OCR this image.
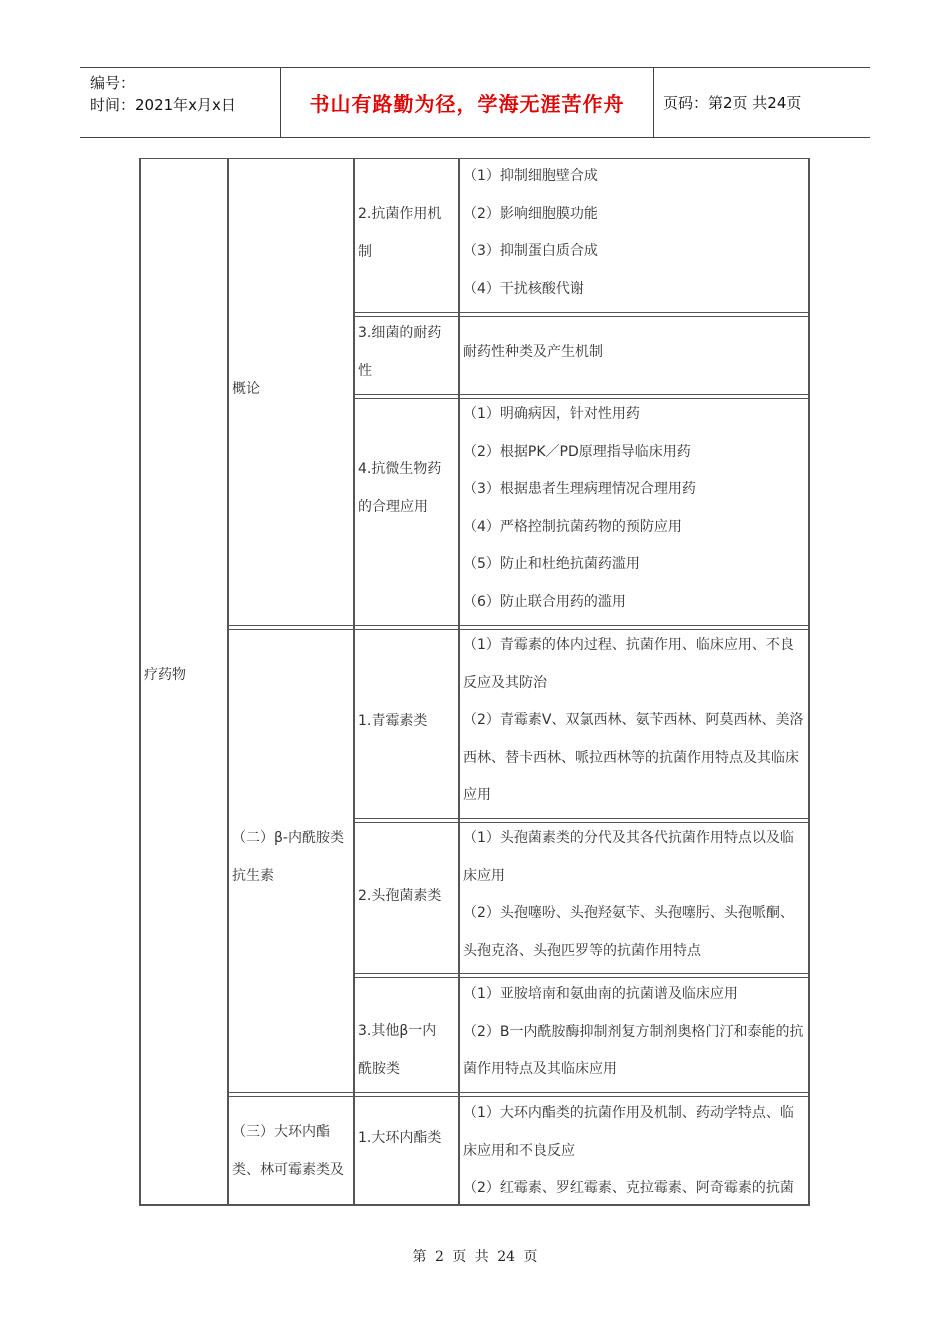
编号：
时间：2021年x月x日	书山有路勤为径，学海无涯苦作舟	页码：第2页 共24页
疗药物
概论
2.抗菌作用机制
（1）抑制细胞壁合成
（2）影响细胞膜功能
（3）抑制蛋白质合成
（4）干扰核酸代谢
3.细菌的耐药性
耐药性种类及产生机制
4.抗微生物药的合理应用
（1）明确病因，针对性用药
（2）根据PK／PD原理指导临床用药
（3）根据患者生理病理情况合理用药
（4）严格控制抗菌药物的预防应用
（5）防止和杜绝抗菌药滥用
（6）防止联合用药的滥用
（二）β-内酰胺类抗生素
1.青霉素类
（1）青霉素的体内过程、抗菌作用、临床应用、不良反应及其防治
（2）青霉素V、双氯西林、氨苄西林、阿莫西林、美洛西林、替卡西林、哌拉西林等的抗菌作用特点及其临床应用
2.头孢菌素类
（1）头孢菌素类的分代及其各代抗菌作用特点以及临床应用
（2）头孢噻吩、头孢羟氨苄、头孢噻肟、头孢哌酮、头孢克洛、头孢匹罗等的抗菌作用特点
3.其他β一内酰胺类
（1）亚胺培南和氨曲南的抗菌谱及临床应用
（2）B一内酰胺酶抑制剂复方制剂奥格门汀和泰能的抗菌作用特点及其临床应用
（三）大环内酯类、林可霉素类及
1.大环内酯类
（1）大环内酯类的抗菌作用及机制、药动学特点、临床应用和不良反应
（2）红霉素、罗红霉素、克拉霉素、阿奇霉素的抗菌
第 2 页 共 24 页
